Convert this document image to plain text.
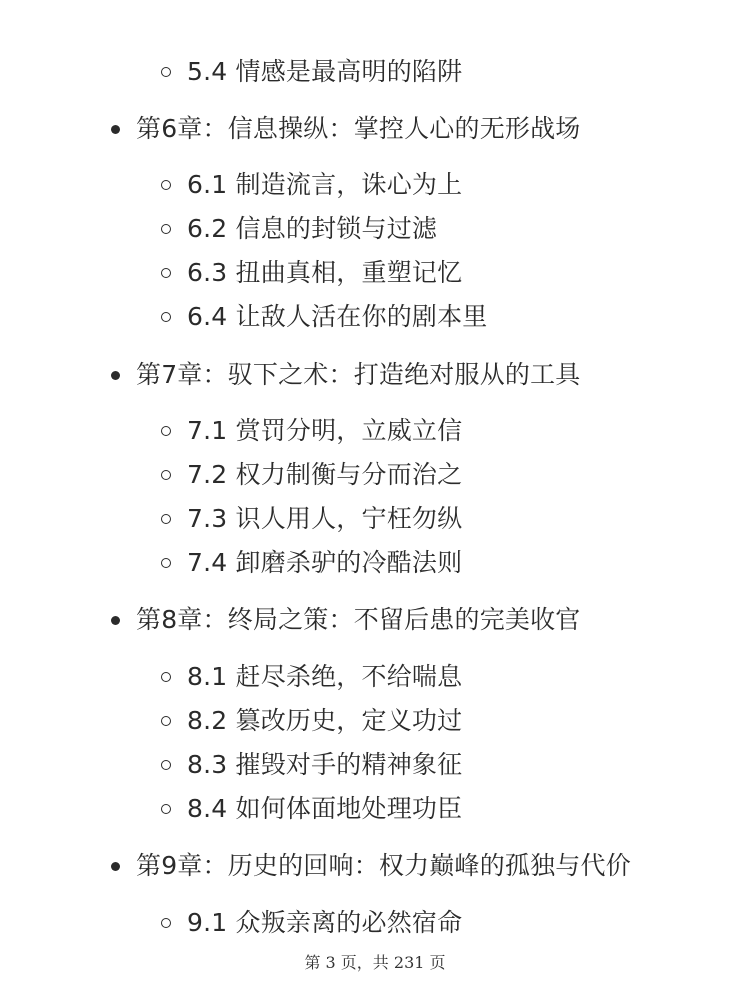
5.4 情感是最高明的陷阱
第6章：信息操纵：掌控人心的无形战场
6.1 制造流言，诛心为上
6.2 信息的封锁与过滤
6.3 扭曲真相，重塑记忆
6.4 让敌人活在你的剧本里
第7章：驭下之术：打造绝对服从的工具
7.1 赏罚分明，立威立信
7.2 权力制衡与分而治之
7.3 识人用人，宁枉勿纵
7.4 卸磨杀驴的冷酷法则
第8章：终局之策：不留后患的完美收官
8.1 赶尽杀绝，不给喘息
8.2 篡改历史，定义功过
8.3 摧毁对手的精神象征
8.4 如何体面地处理功臣
第9章：历史的回响：权力巅峰的孤独与代价
9.1 众叛亲离的必然宿命
第 3 页，共 231 页
